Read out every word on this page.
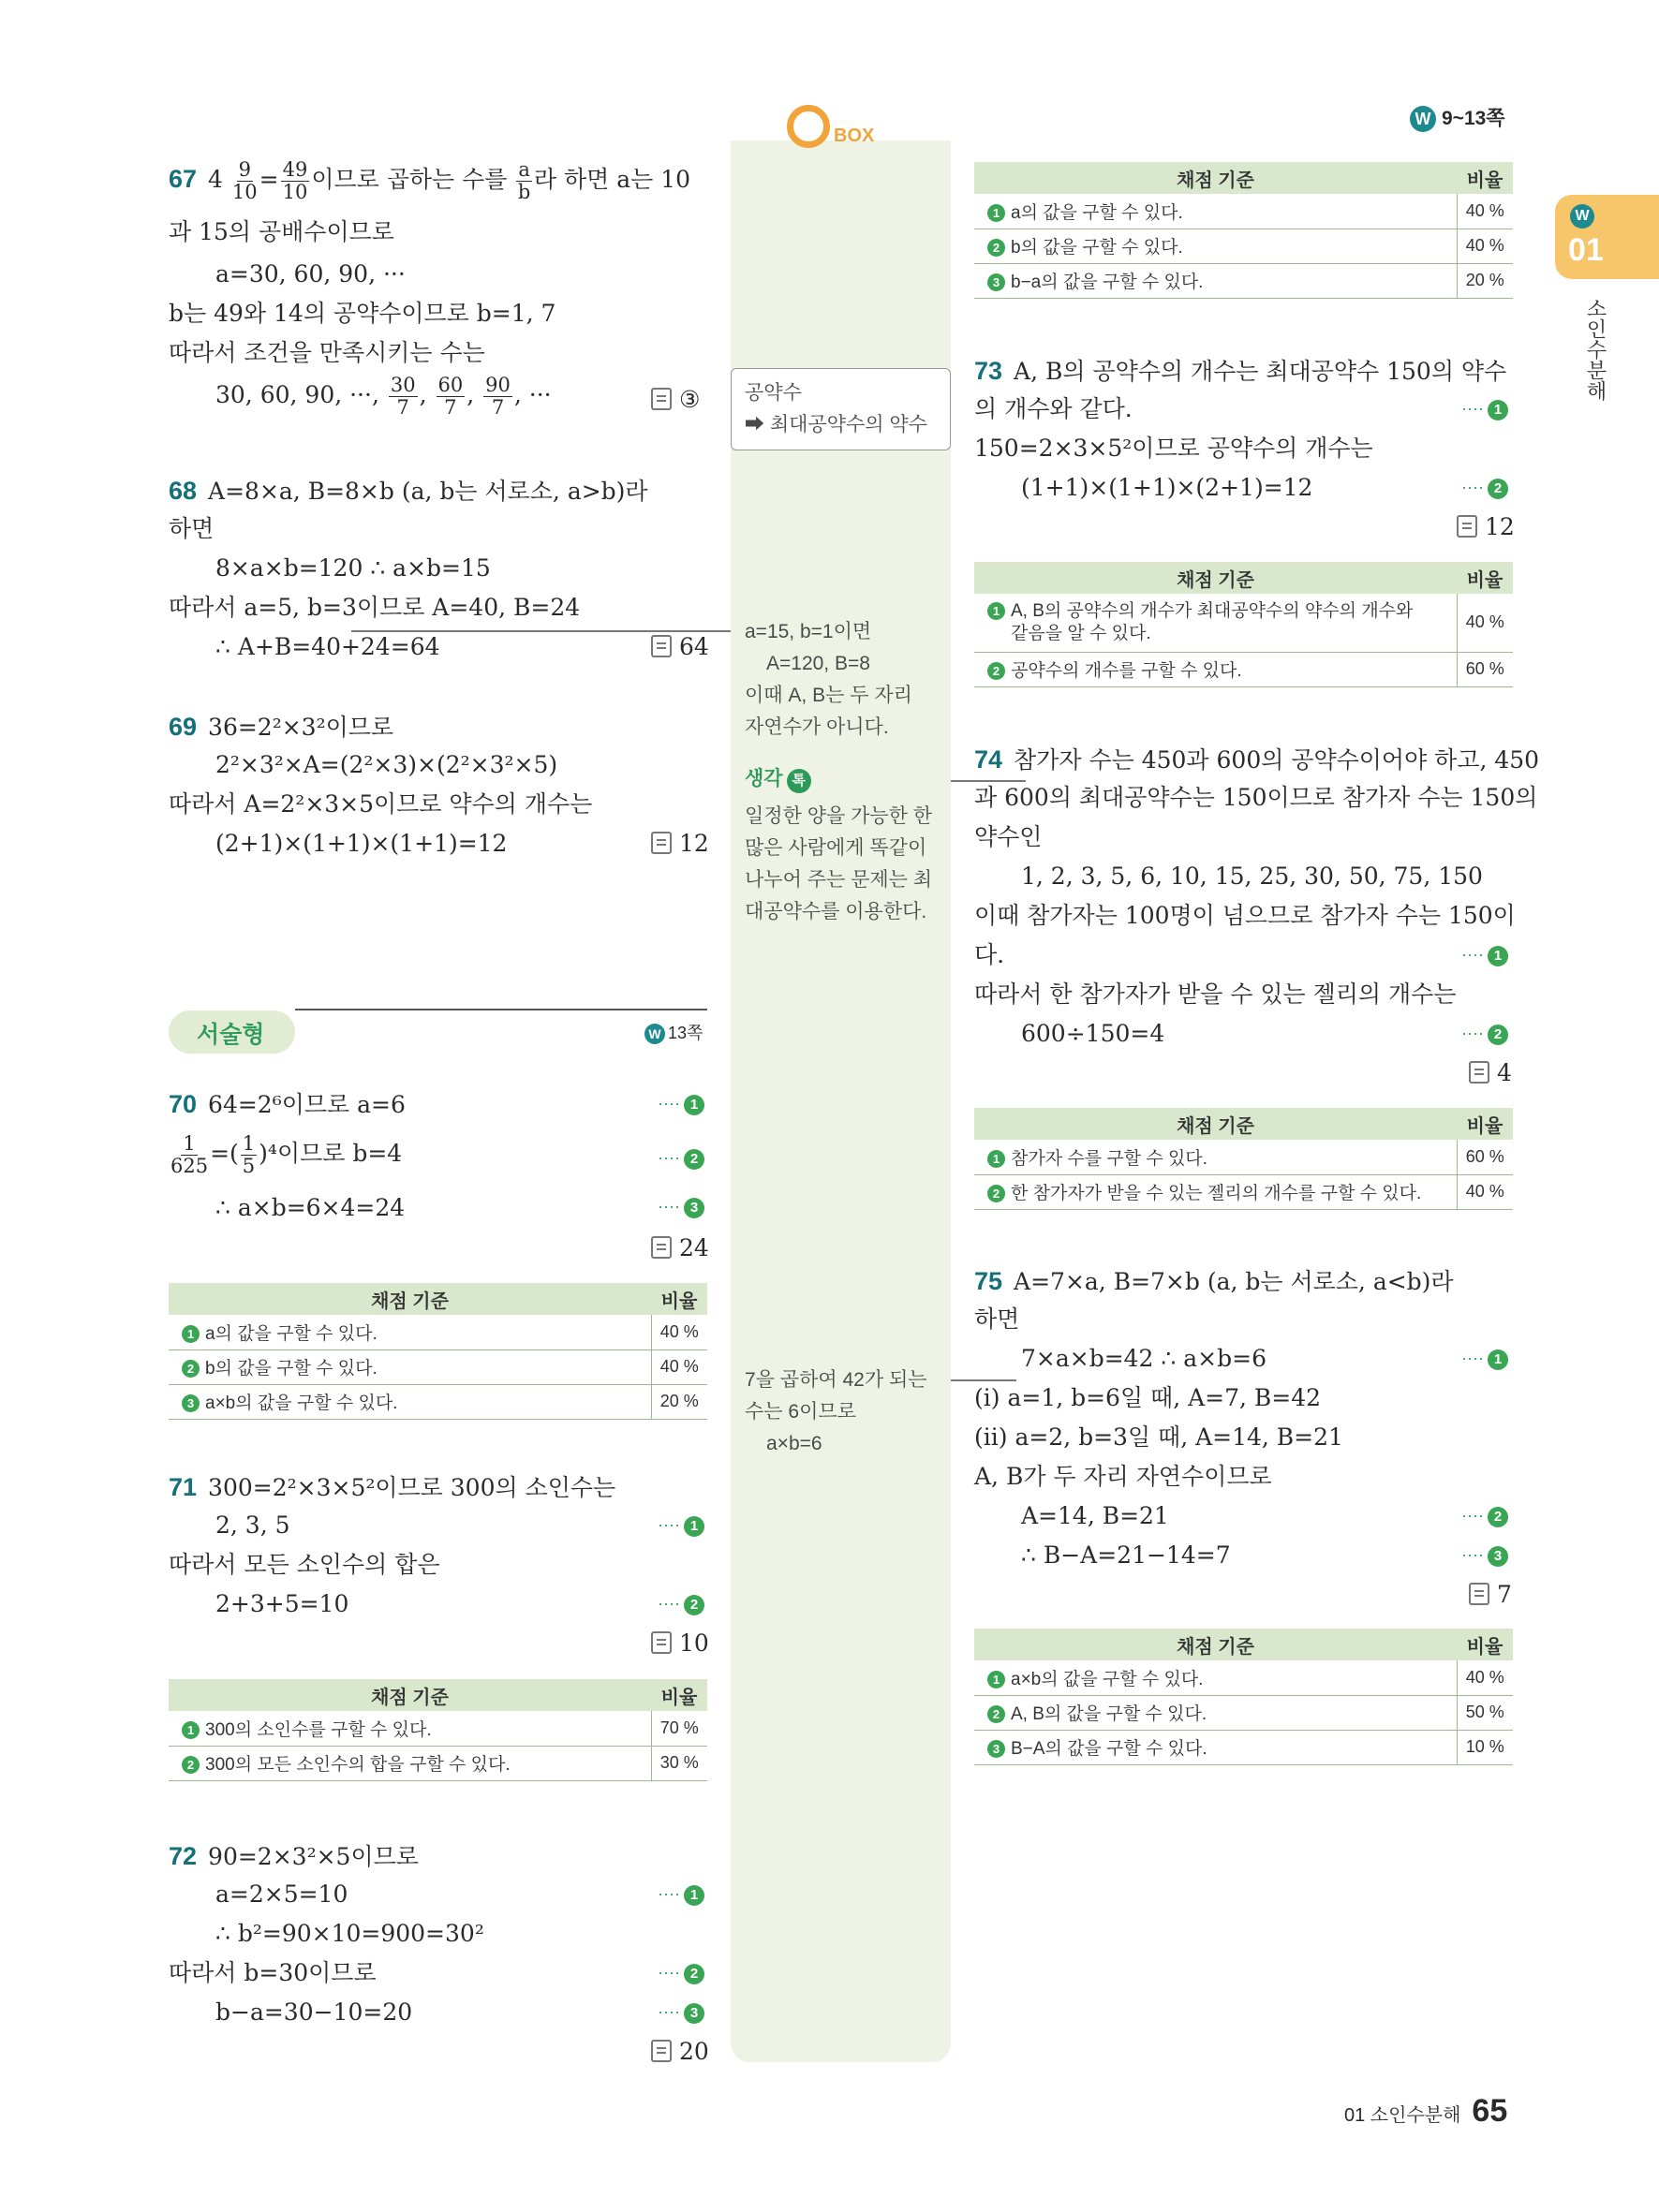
BOX
W 9~13쪽
W
01
소인수분해
67 $4 \frac{9}{10} = \frac{49}{10}$ 이므로 곱하는 수를 $\frac{a}{b}$ 라 하면 a는 10
과 15의 공배수이므로
a=30, 60, 90, ···
b는 49와 14의 공약수이므로 b=1, 7
따라서 조건을 만족시키는 수는
30, 60, 90, ···, $\frac{30}{7}$ , $\frac{60}{7}$ , $\frac{90}{7}$ , ···	③
68 A=8×a, B=8×b (a, b는 서로소, a>b)라
하면
8×a×b=120 ∴ a×b=15
따라서 a=5, b=3이므로 A=40, B=24
∴ A+B=40+24=64	64
69 36=2²×3²이므로
2²×3²×A=(2²×3)×(2²×3²×5)
따라서 A=2²×3×5이므로 약수의 개수는
(2+1)×(1+1)×(1+1)=12	12
서술형	W 13쪽
70 64=2⁶이므로 a=6	···· 1
$\frac{1}{625}$ =( $\frac{1}{5} )^4$이므로 b=4	···· 2
∴ a×b=6×4=24	···· 3
24
채점 기준	비율
1 a의 값을 구할 수 있다.	40 %
2 b의 값을 구할 수 있다.	40 %
3 a×b의 값을 구할 수 있다.	20 %
71 300=2²×3×5²이므로 300의 소인수는
2, 3, 5	···· 1
따라서 모든 소인수의 합은
2+3+5=10	···· 2
10
채점 기준	비율
1 300의 소인수를 구할 수 있다.	70 %
2 300의 모든 소인수의 합을 구할 수 있다.	30 %
72 90=2×3²×5이므로
a=2×5=10	···· 1
∴ b²=90×10=900=30²
따라서 b=30이므로	···· 2
b−a=30−10=20	···· 3
20
공약수
➡ 최대공약수의 약수
a=15, b=1이면
A=120, B=8
이때 A, B는 두 자리
자연수가 아니다.
생각 톡
일정한 양을 가능한 한
많은 사람에게 똑같이
나누어 주는 문제는 최
대공약수를 이용한다.
7을 곱하여 42가 되는
수는 6이므로
a×b=6
채점 기준	비율
1 a의 값을 구할 수 있다.	40 %
2 b의 값을 구할 수 있다.	40 %
3 b−a의 값을 구할 수 있다.	20 %
73 A, B의 공약수의 개수는 최대공약수 150의 약수
의 개수와 같다.	···· 1
150=2×3×5²이므로 공약수의 개수는
(1+1)×(1+1)×(2+1)=12	···· 2
12
채점 기준	비율
1 A, B의 공약수의 개수가 최대공약수의 약수의 개수와
같음을 알 수 있다.	40 %
2 공약수의 개수를 구할 수 있다.	60 %
74 참가자 수는 450과 600의 공약수이어야 하고, 450
과 600의 최대공약수는 150이므로 참가자 수는 150의
약수인
1, 2, 3, 5, 6, 10, 15, 25, 30, 50, 75, 150
이때 참가자는 100명이 넘으므로 참가자 수는 150이
다.	···· 1
따라서 한 참가자가 받을 수 있는 젤리의 개수는
600÷150=4	···· 2
4
채점 기준	비율
1 참가자 수를 구할 수 있다.	60 %
2 한 참가자가 받을 수 있는 젤리의 개수를 구할 수 있다.	40 %
75 A=7×a, B=7×b (a, b는 서로소, a<b)라
하면
7×a×b=42 ∴ a×b=6	···· 1
(i) a=1, b=6일 때, A=7, B=42
(ii) a=2, b=3일 때, A=14, B=21
A, B가 두 자리 자연수이므로
A=14, B=21	···· 2
∴ B−A=21−14=7	···· 3
7
채점 기준	비율
1 a×b의 값을 구할 수 있다.	40 %
2 A, B의 값을 구할 수 있다.	50 %
3 B−A의 값을 구할 수 있다.	10 %
01 소인수분해 65
